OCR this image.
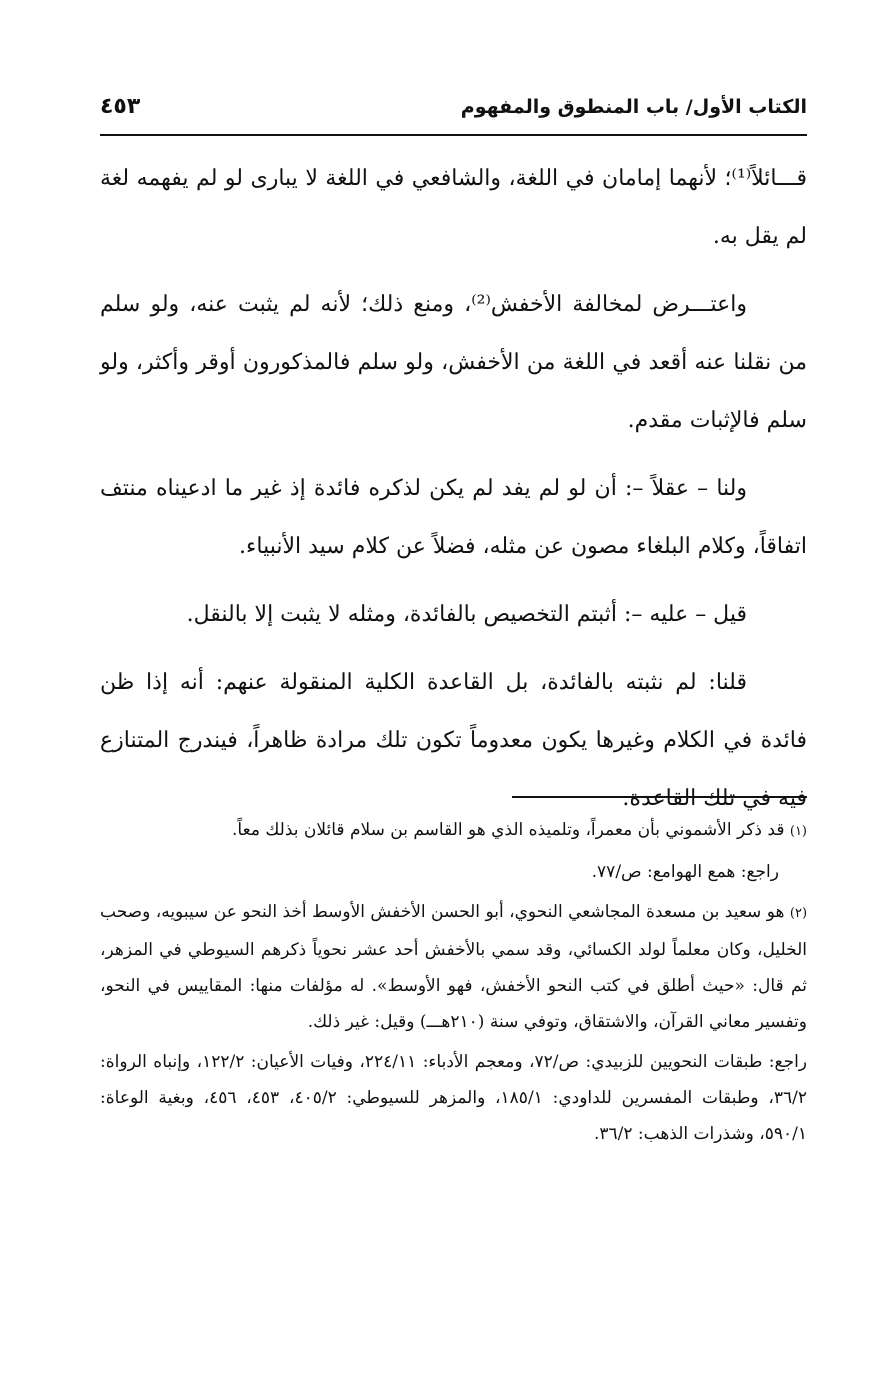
الكتاب الأول/ باب المنطوق والمفهوم
٤٥٣

قـــائلاً⁽¹⁾؛ لأنهما إمامان في اللغة، والشافعي في اللغة لا يبارى لو لم يفهمه لغة لم يقل به.

واعتـــرض لمخالفة الأخفش⁽²⁾، ومنع ذلك؛ لأنه لم يثبت عنه، ولو سلم من نقلنا عنه أقعد في اللغة من الأخفش، ولو سلم فالمذكورون أوقر وأكثر، ولو سلم فالإثبات مقدم.

ولنا – عقلاً –: أن لو لم يفد لم يكن لذكره فائدة إذ غير ما ادعيناه منتف اتفاقاً، وكلام البلغاء مصون عن مثله، فضلاً عن كلام سيد الأنبياء.

قيل – عليه –: أثبتم التخصيص بالفائدة، ومثله لا يثبت إلا بالنقل.

قلنا: لم نثبته بالفائدة، بل القاعدة الكلية المنقولة عنهم: أنه إذا ظن فائدة في الكلام وغيرها يكون معدوماً تكون تلك مرادة ظاهراً، فيندرج المتنازع فيه في تلك القاعدة.

(١) قد ذكر الأشموني بأن معمراً، وتلميذه الذي هو القاسم بن سلام قائلان بذلك معاً.
راجع: همع الهوامع: ص/٧٧.
(٢) هو سعيد بن مسعدة المجاشعي النحوي، أبو الحسن الأخفش الأوسط أخذ النحو عن سيبويه، وصحب الخليل، وكان معلماً لولد الكسائي، وقد سمي بالأخفش أحد عشر نحوياً ذكرهم السيوطي في المزهر، ثم قال: «حيث أطلق في كتب النحو الأخفش، فهو الأوسط». له مؤلفات منها: المقاييس في النحو، وتفسير معاني القرآن، والاشتقاق، وتوفي سنة (٢١٠هـــ) وقيل: غير ذلك.
راجع: طبقات النحويين للزبيدي: ص/٧٢، ومعجم الأدباء: ٢٢٤/١١، وفيات الأعيان: ١٢٢/٢، وإنباه الرواة: ٣٦/٢، وطبقات المفسرين للداودي: ١٨٥/١، والمزهر للسيوطي: ٤٠٥/٢، ٤٥٣، ٤٥٦، وبغية الوعاة: ٥٩٠/١، وشذرات الذهب: ٣٦/٢.
